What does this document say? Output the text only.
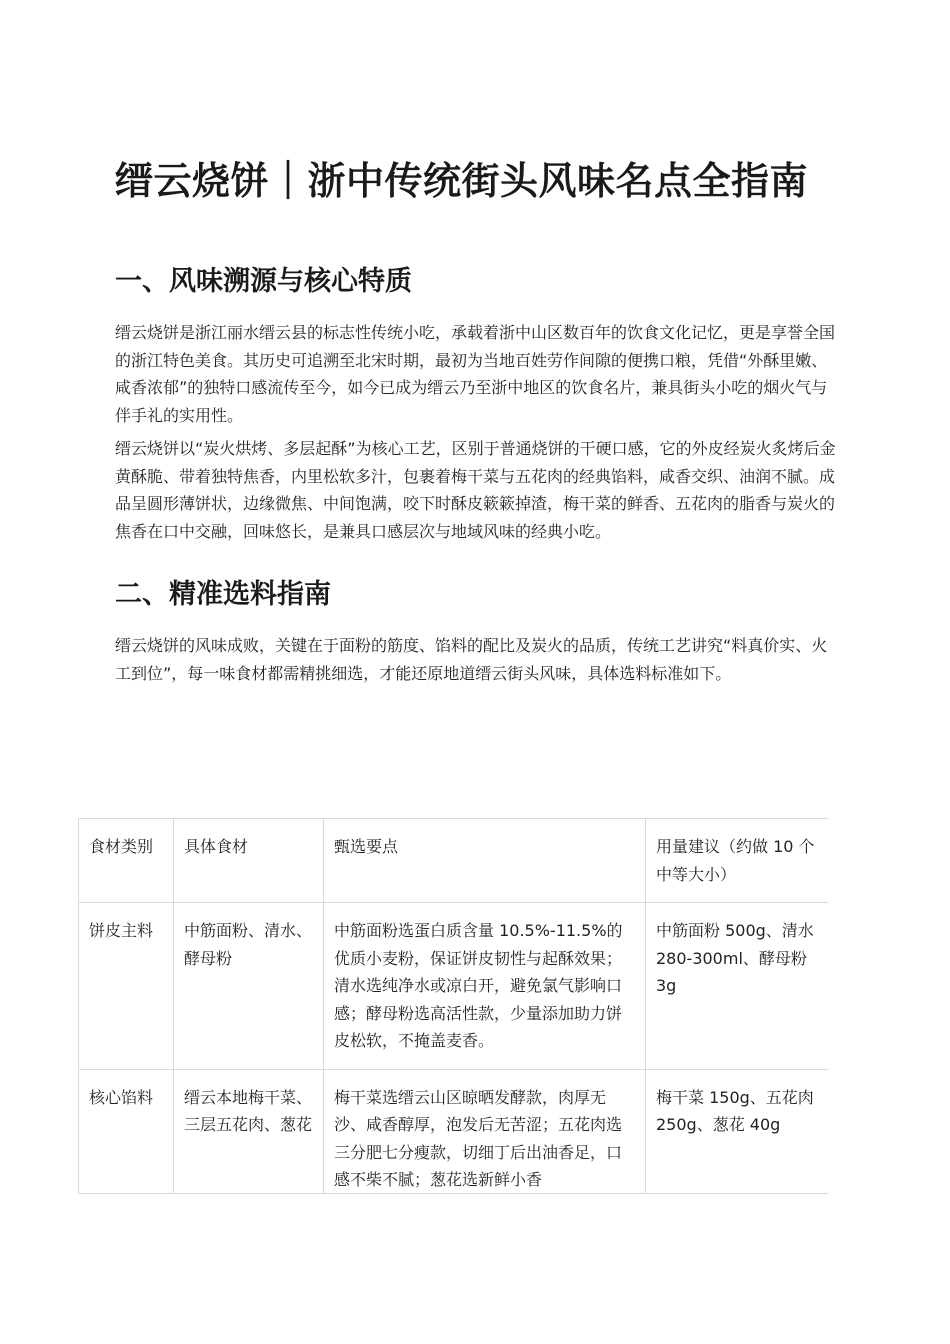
缙云烧饼｜浙中传统街头风味名点全指南
一、风味溯源与核心特质

缙云烧饼是浙江丽水缙云县的标志性传统小吃，承载着浙中山区数百年的饮食文化记忆，更是享誉全国的浙江特色美食。其历史可追溯至北宋时期，最初为当地百姓劳作间隙的便携口粮，凭借“外酥里嫩、咸香浓郁”的独特口感流传至今，如今已成为缙云乃至浙中地区的饮食名片，兼具街头小吃的烟火气与伴手礼的实用性。

缙云烧饼以“炭火烘烤、多层起酥”为核心工艺，区别于普通烧饼的干硬口感，它的外皮经炭火炙烤后金黄酥脆、带着独特焦香，内里松软多汁，包裹着梅干菜与五花肉的经典馅料，咸香交织、油润不腻。成品呈圆形薄饼状，边缘微焦、中间饱满，咬下时酥皮簌簌掉渣，梅干菜的鲜香、五花肉的脂香与炭火的焦香在口中交融，回味悠长，是兼具口感层次与地域风味的经典小吃。

二、精准选料指南

缙云烧饼的风味成败，关键在于面粉的筋度、馅料的配比及炭火的品质，传统工艺讲究“料真价实、火工到位”，每一味食材都需精挑细选，才能还原地道缙云街头风味，具体选料标准如下。

食材类别	具体食材	甄选要点	用量建议（约做 10 个中等大小）
饼皮主料	中筋面粉、清水、酵母粉	中筋面粉选蛋白质含量 10.5%-11.5%的优质小麦粉，保证饼皮韧性与起酥效果；清水选纯净水或凉白开，避免氯气影响口感；酵母粉选高活性款，少量添加助力饼皮松软，不掩盖麦香。	中筋面粉 500g、清水 280-300ml、酵母粉 3g
核心馅料	缙云本地梅干菜、三层五花肉、葱花	梅干菜选缙云山区晾晒发酵款，肉厚无沙、咸香醇厚，泡发后无苦涩；五花肉选三分肥七分瘦款，切细丁后出油香足，口感不柴不腻；葱花选新鲜小香	梅干菜 150g、五花肉 250g、葱花 40g
